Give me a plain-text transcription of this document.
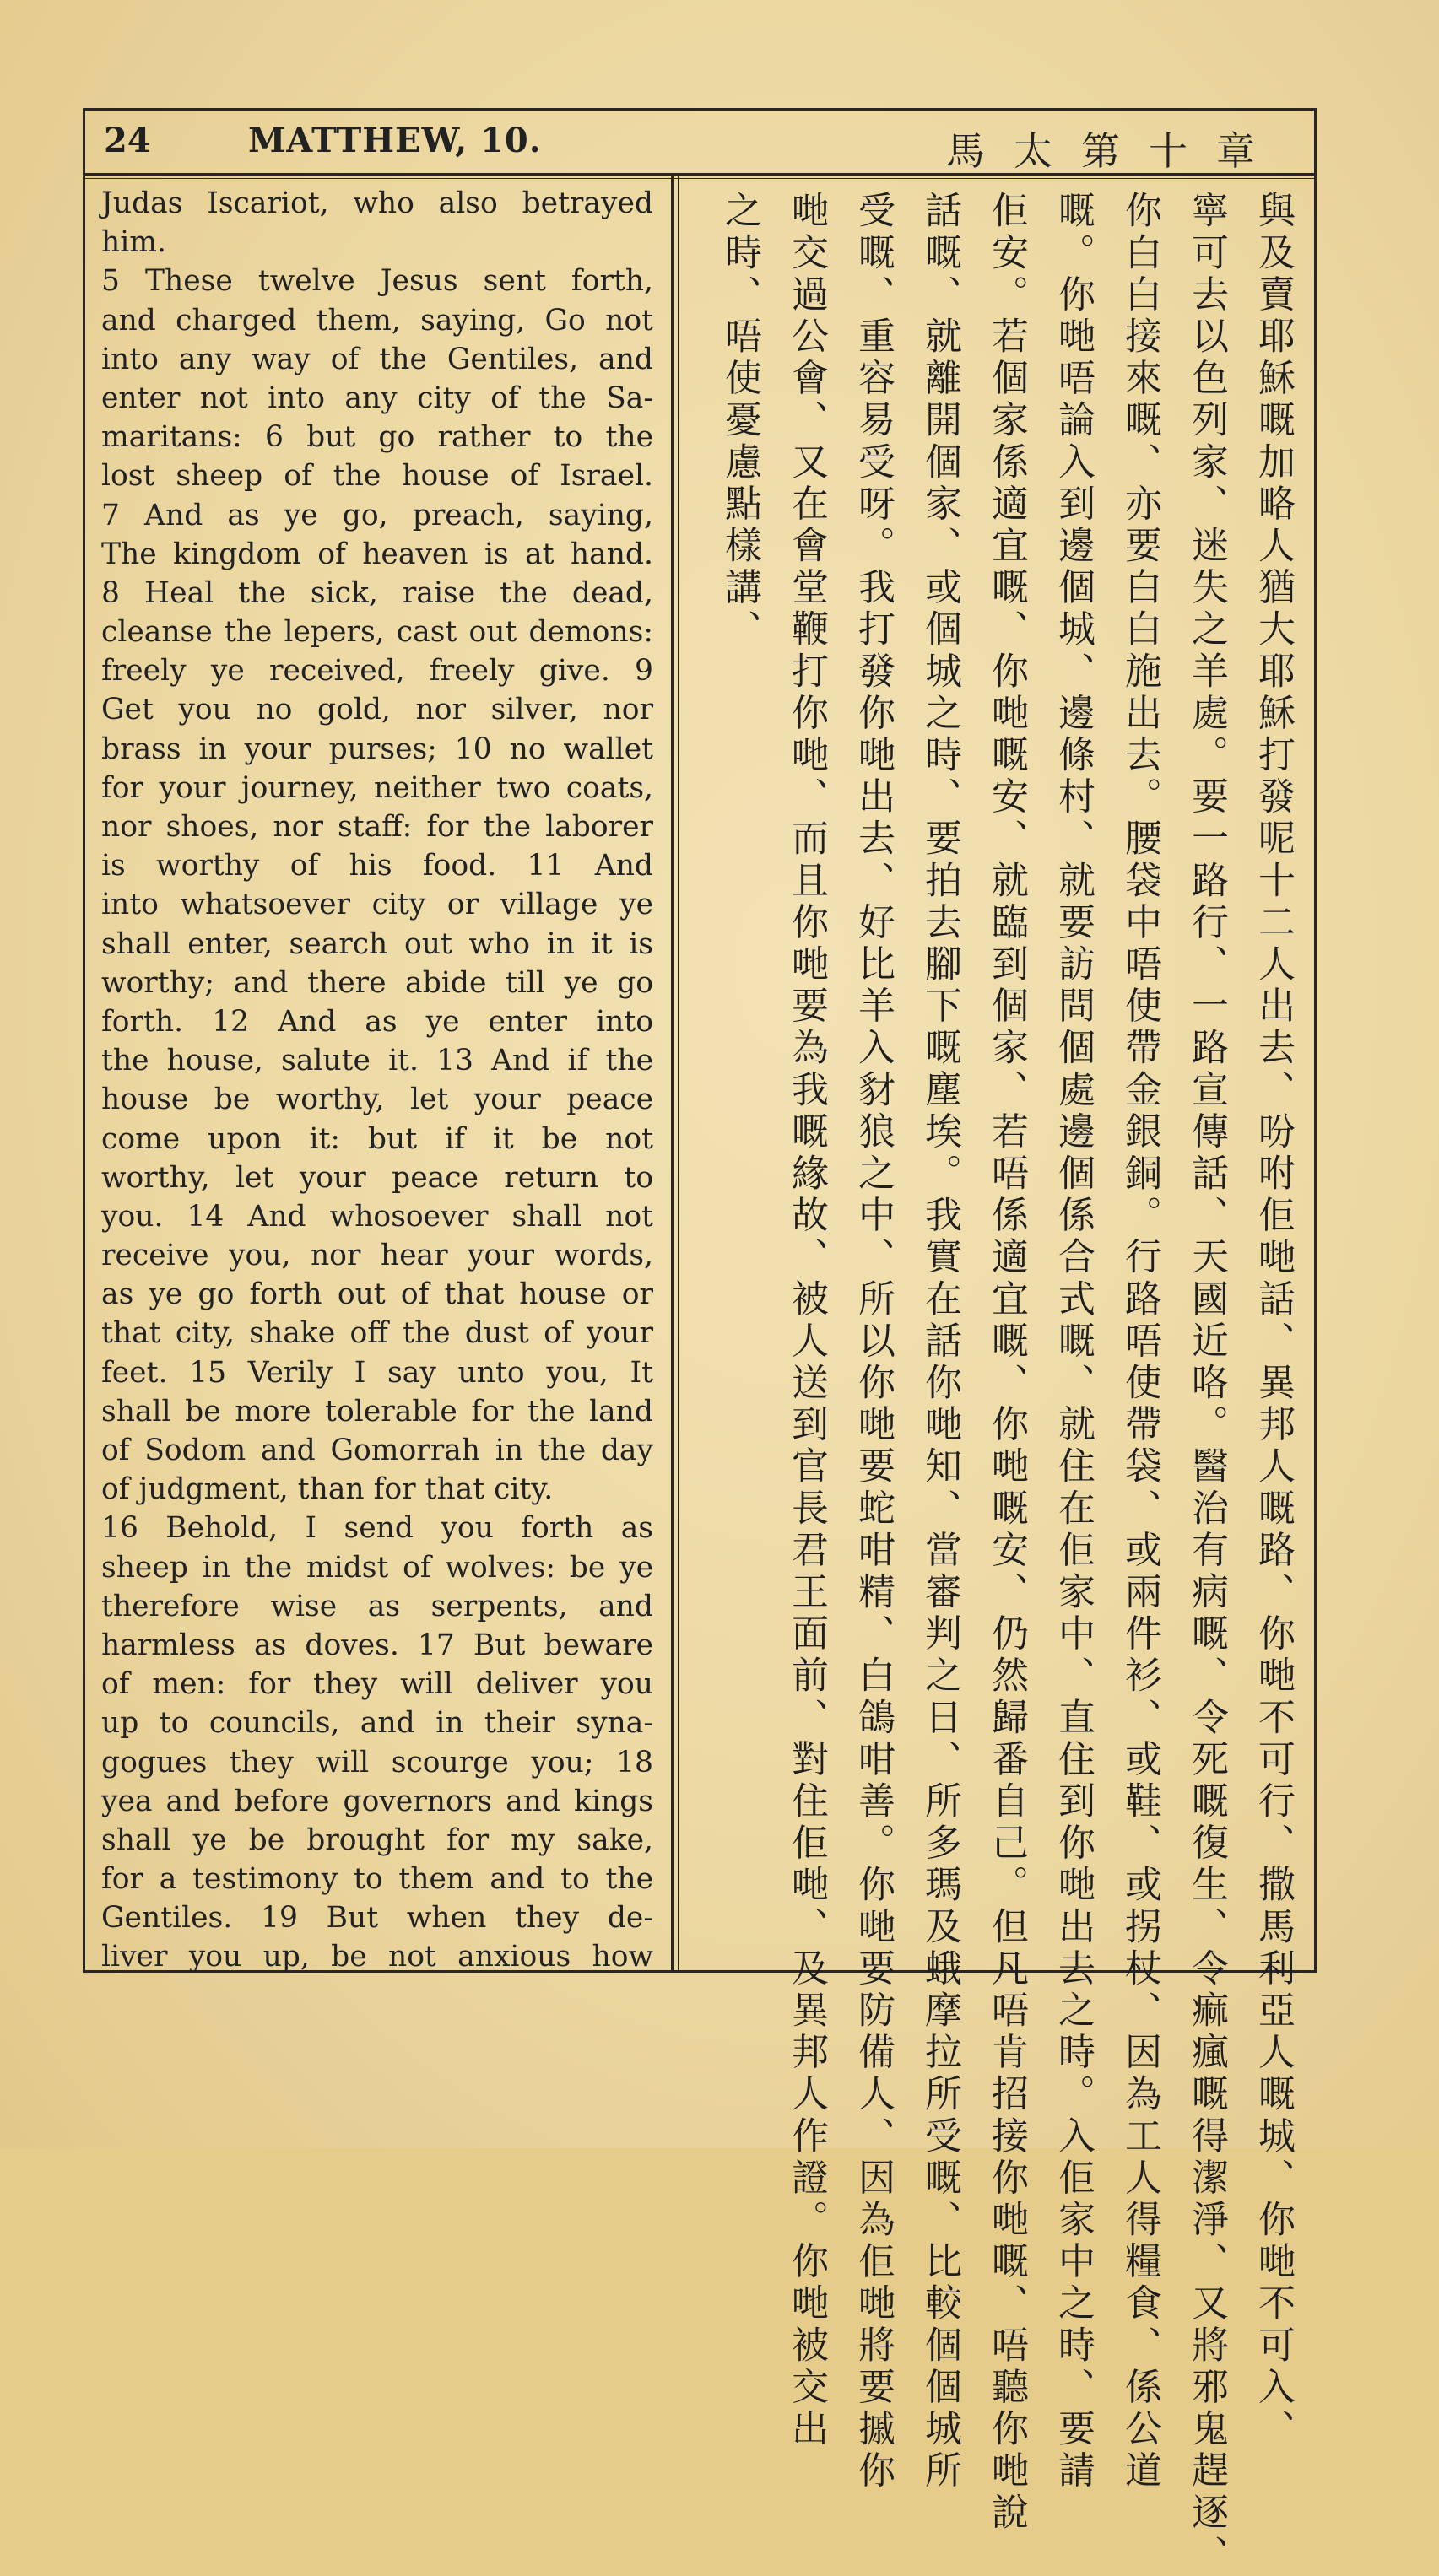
24	MATTHEW, 10.	馬太第十章
Judas Iscariot, who also betrayed
him.
5 These twelve Jesus sent forth,
and charged them, saying, Go not
into any way of the Gentiles, and
enter not into any city of the Sa-
maritans: 6 but go rather to the
lost sheep of the house of Israel.
7 And as ye go, preach, saying,
The kingdom of heaven is at hand.
8 Heal the sick, raise the dead,
cleanse the lepers, cast out demons:
freely ye received, freely give. 9
Get you no gold, nor silver, nor
brass in your purses; 10 no wallet
for your journey, neither two coats,
nor shoes, nor staff: for the laborer
is worthy of his food. 11 And
into whatsoever city or village ye
shall enter, search out who in it is
worthy; and there abide till ye go
forth. 12 And as ye enter into
the house, salute it. 13 And if the
house be worthy, let your peace
come upon it: but if it be not
worthy, let your peace return to
you. 14 And whosoever shall not
receive you, nor hear your words,
as ye go forth out of that house or
that city, shake off the dust of your
feet. 15 Verily I say unto you, It
shall be more tolerable for the land
of Sodom and Gomorrah in the day
of judgment, than for that city.
16 Behold, I send you forth as
sheep in the midst of wolves: be ye
therefore wise as serpents, and
harmless as doves. 17 But beware
of men: for they will deliver you
up to councils, and in their syna-
gogues they will scourge you; 18
yea and before governors and kings
shall ye be brought for my sake,
for a testimony to them and to the
Gentiles. 19 But when they de-
liver you up, be not anxious how	與及賣耶穌嘅加略人猶大耶穌打發呢十二人出去、吩咐佢哋話、異邦人嘅路、你哋不可行、撒馬利亞人嘅城、你哋不可入、
寧可去以色列家、迷失之羊處。要一路行、一路宣傳話、天國近咯。醫治有病嘅、令死嘅復生、令痲瘋嘅得潔淨、又將邪鬼趕逐、
你白白接來嘅、亦要白白施出去。腰袋中唔使帶金銀銅。行路唔使帶袋、或兩件衫、或鞋、或拐杖、因為工人得糧食、係公道
嘅。你哋唔論入到邊個城、邊條村、就要訪問個處邊個係合式嘅、就住在佢家中、直住到你哋出去之時。入佢家中之時、要請
佢安。若個家係適宜嘅、你哋嘅安、就臨到個家、若唔係適宜嘅、你哋嘅安、仍然歸番自己。但凡唔肯招接你哋嘅、唔聽你哋說
話嘅、就離開個家、或個城之時、要拍去腳下嘅塵埃。我實在話你哋知、當審判之日、所多瑪及蛾摩拉所受嘅、比較個個城所
受嘅、重容易受呀。我打發你哋出去、好比羊入豺狼之中、所以你哋要蛇咁精、白鴿咁善。你哋要防備人、因為佢哋將要摵你
哋交過公會、又在會堂鞭打你哋、而且你哋要為我嘅緣故、被人送到官長君王面前、對住佢哋、及異邦人作證。你哋被交出
之時、唔使憂慮點樣講、
